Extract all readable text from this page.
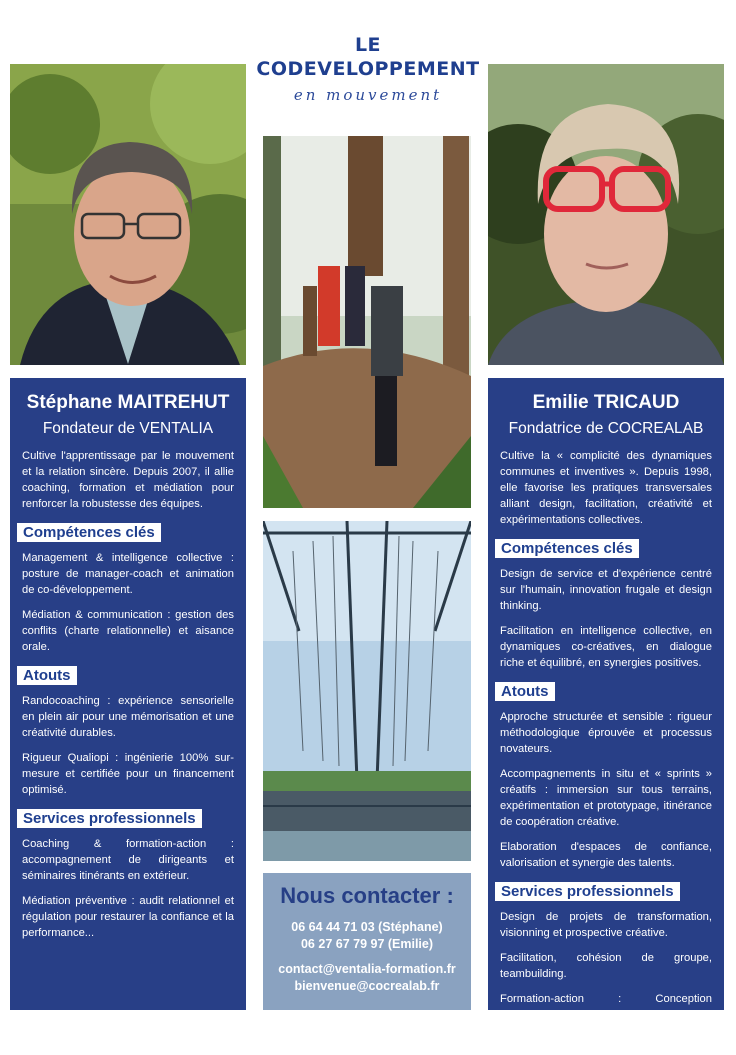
LE
CODEVELOPPEMENT
en mouvement
Stéphane MAITREHUT
Fondateur de VENTALIA

Cultive l'apprentissage par le mouvement et la relation sincère. Depuis 2007, il allie coaching, formation et médiation pour renforcer la robustesse des équipes.

Compétences clés

Management & intelligence collective : posture de manager-coach et animation de co-développement.

Médiation & communication : gestion des conflits (charte relationnelle) et aisance orale.

Atouts

Randocoaching : expérience sensorielle en plein air pour une mémorisation et une créativité durables.

Rigueur Qualiopi : ingénierie 100% sur-mesure et certifiée pour un financement optimisé.

Services professionnels

Coaching & formation-action : accompagnement de dirigeants et séminaires itinérants en extérieur.

Médiation préventive : audit relationnel et régulation pour restaurer la confiance et la performance...

Emilie TRICAUD
Fondatrice de COCREALAB

Cultive la « complicité des dynamiques communes et inventives ». Depuis 1998, elle favorise les pratiques transversales alliant design, facilitation, créativité et expérimentations collectives.

Compétences clés

Design de service et d'expérience centré sur l'humain, innovation frugale et design thinking.

Facilitation en intelligence collective, en dynamiques co-créatives, en dialogue riche et équilibré, en synergies positives.

Atouts

Approche structurée et sensible : rigueur méthodologique éprouvée et processus novateurs.

Accompagnements in situ et « sprints » créatifs : immersion sur tous terrains, expérimentation et prototypage, itinérance de coopération créative.

Elaboration d'espaces de confiance, valorisation et synergie des talents.

Services professionnels

Design de projets de transformation, visionning et prospective créative.

Facilitation, cohésion de groupe, teambuilding.

Formation-action : Conception pédagogique en soft skills et animation de voyages-ateliers, de séjours d'immersion terrain, de hackathons.

Nous contacter :
06 64 44 71 03 (Stéphane)
06 27 67 79 97 (Emilie)
contact@ventalia-formation.fr
bienvenue@cocrealab.fr
